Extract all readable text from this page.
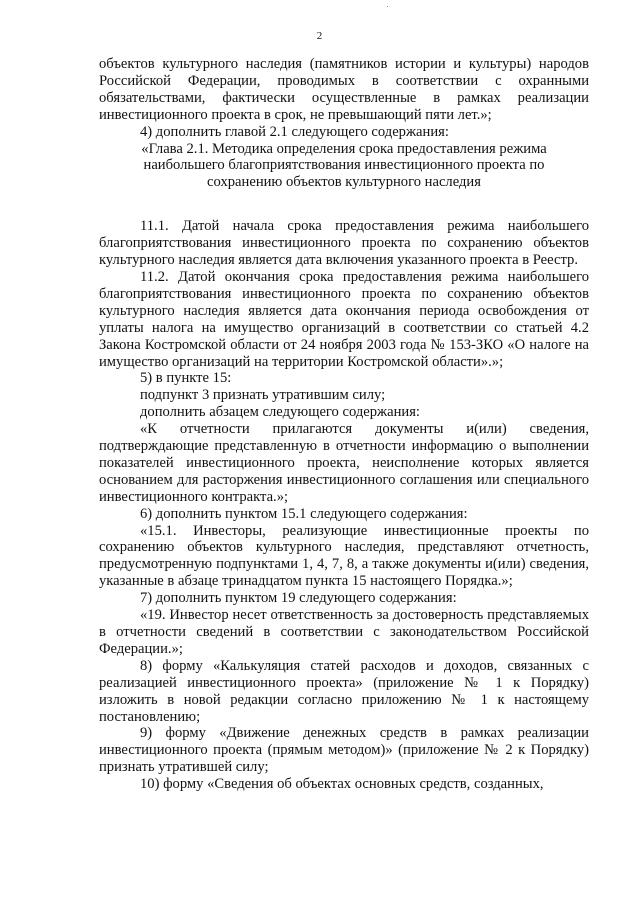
2

объектов культурного наследия (памятников истории и культуры) народов Российской Федерации, проводимых в соответствии с охранными обязательствами, фактически осуществленные в рамках реализации инвестиционного проекта в срок, не превышающий пяти лет.»;

4) дополнить главой 2.1 следующего содержания:

«Глава 2.1. Методика определения срока предоставления режима

наибольшего благоприятствования инвестиционного проекта по

сохранению объектов культурного наследия

11.1. Датой начала срока предоставления режима наибольшего благоприятствования инвестиционного проекта по сохранению объектов культурного наследия является дата включения указанного проекта в Реестр.

11.2. Датой окончания срока предоставления режима наибольшего благоприятствования инвестиционного проекта по сохранению объектов культурного наследия является дата окончания периода освобождения от уплаты налога на имущество организаций в соответствии со статьей 4.2 Закона Костромской области от 24 ноября 2003 года № 153-ЗКО «О налоге на имущество организаций на территории Костромской области».»;

5) в пункте 15:

подпункт 3 признать утратившим силу;

дополнить абзацем следующего содержания:

«К отчетности прилагаются документы и(или) сведения, подтверждающие представленную в отчетности информацию о выполнении показателей инвестиционного проекта, неисполнение которых является основанием для расторжения инвестиционного соглашения или специального инвестиционного контракта.»;

6) дополнить пунктом 15.1 следующего содержания:

«15.1. Инвесторы, реализующие инвестиционные проекты по сохранению объектов культурного наследия, представляют отчетность, предусмотренную подпунктами 1, 4, 7, 8, а также документы и(или) сведения, указанные в абзаце тринадцатом пункта 15 настоящего Порядка.»;

7) дополнить пунктом 19 следующего содержания:

«19. Инвестор несет ответственность за достоверность представляемых в отчетности сведений в соответствии с законодательством Российской Федерации.»;

8) форму «Калькуляция статей расходов и доходов, связанных с реализацией инвестиционного проекта» (приложение № 1 к Порядку) изложить в новой редакции согласно приложению № 1 к настоящему постановлению;

9) форму «Движение денежных средств в рамках реализации инвестиционного проекта (прямым методом)» (приложение № 2 к Порядку) признать утратившей силу;

10) форму «Сведения об объектах основных средств, созданных,
